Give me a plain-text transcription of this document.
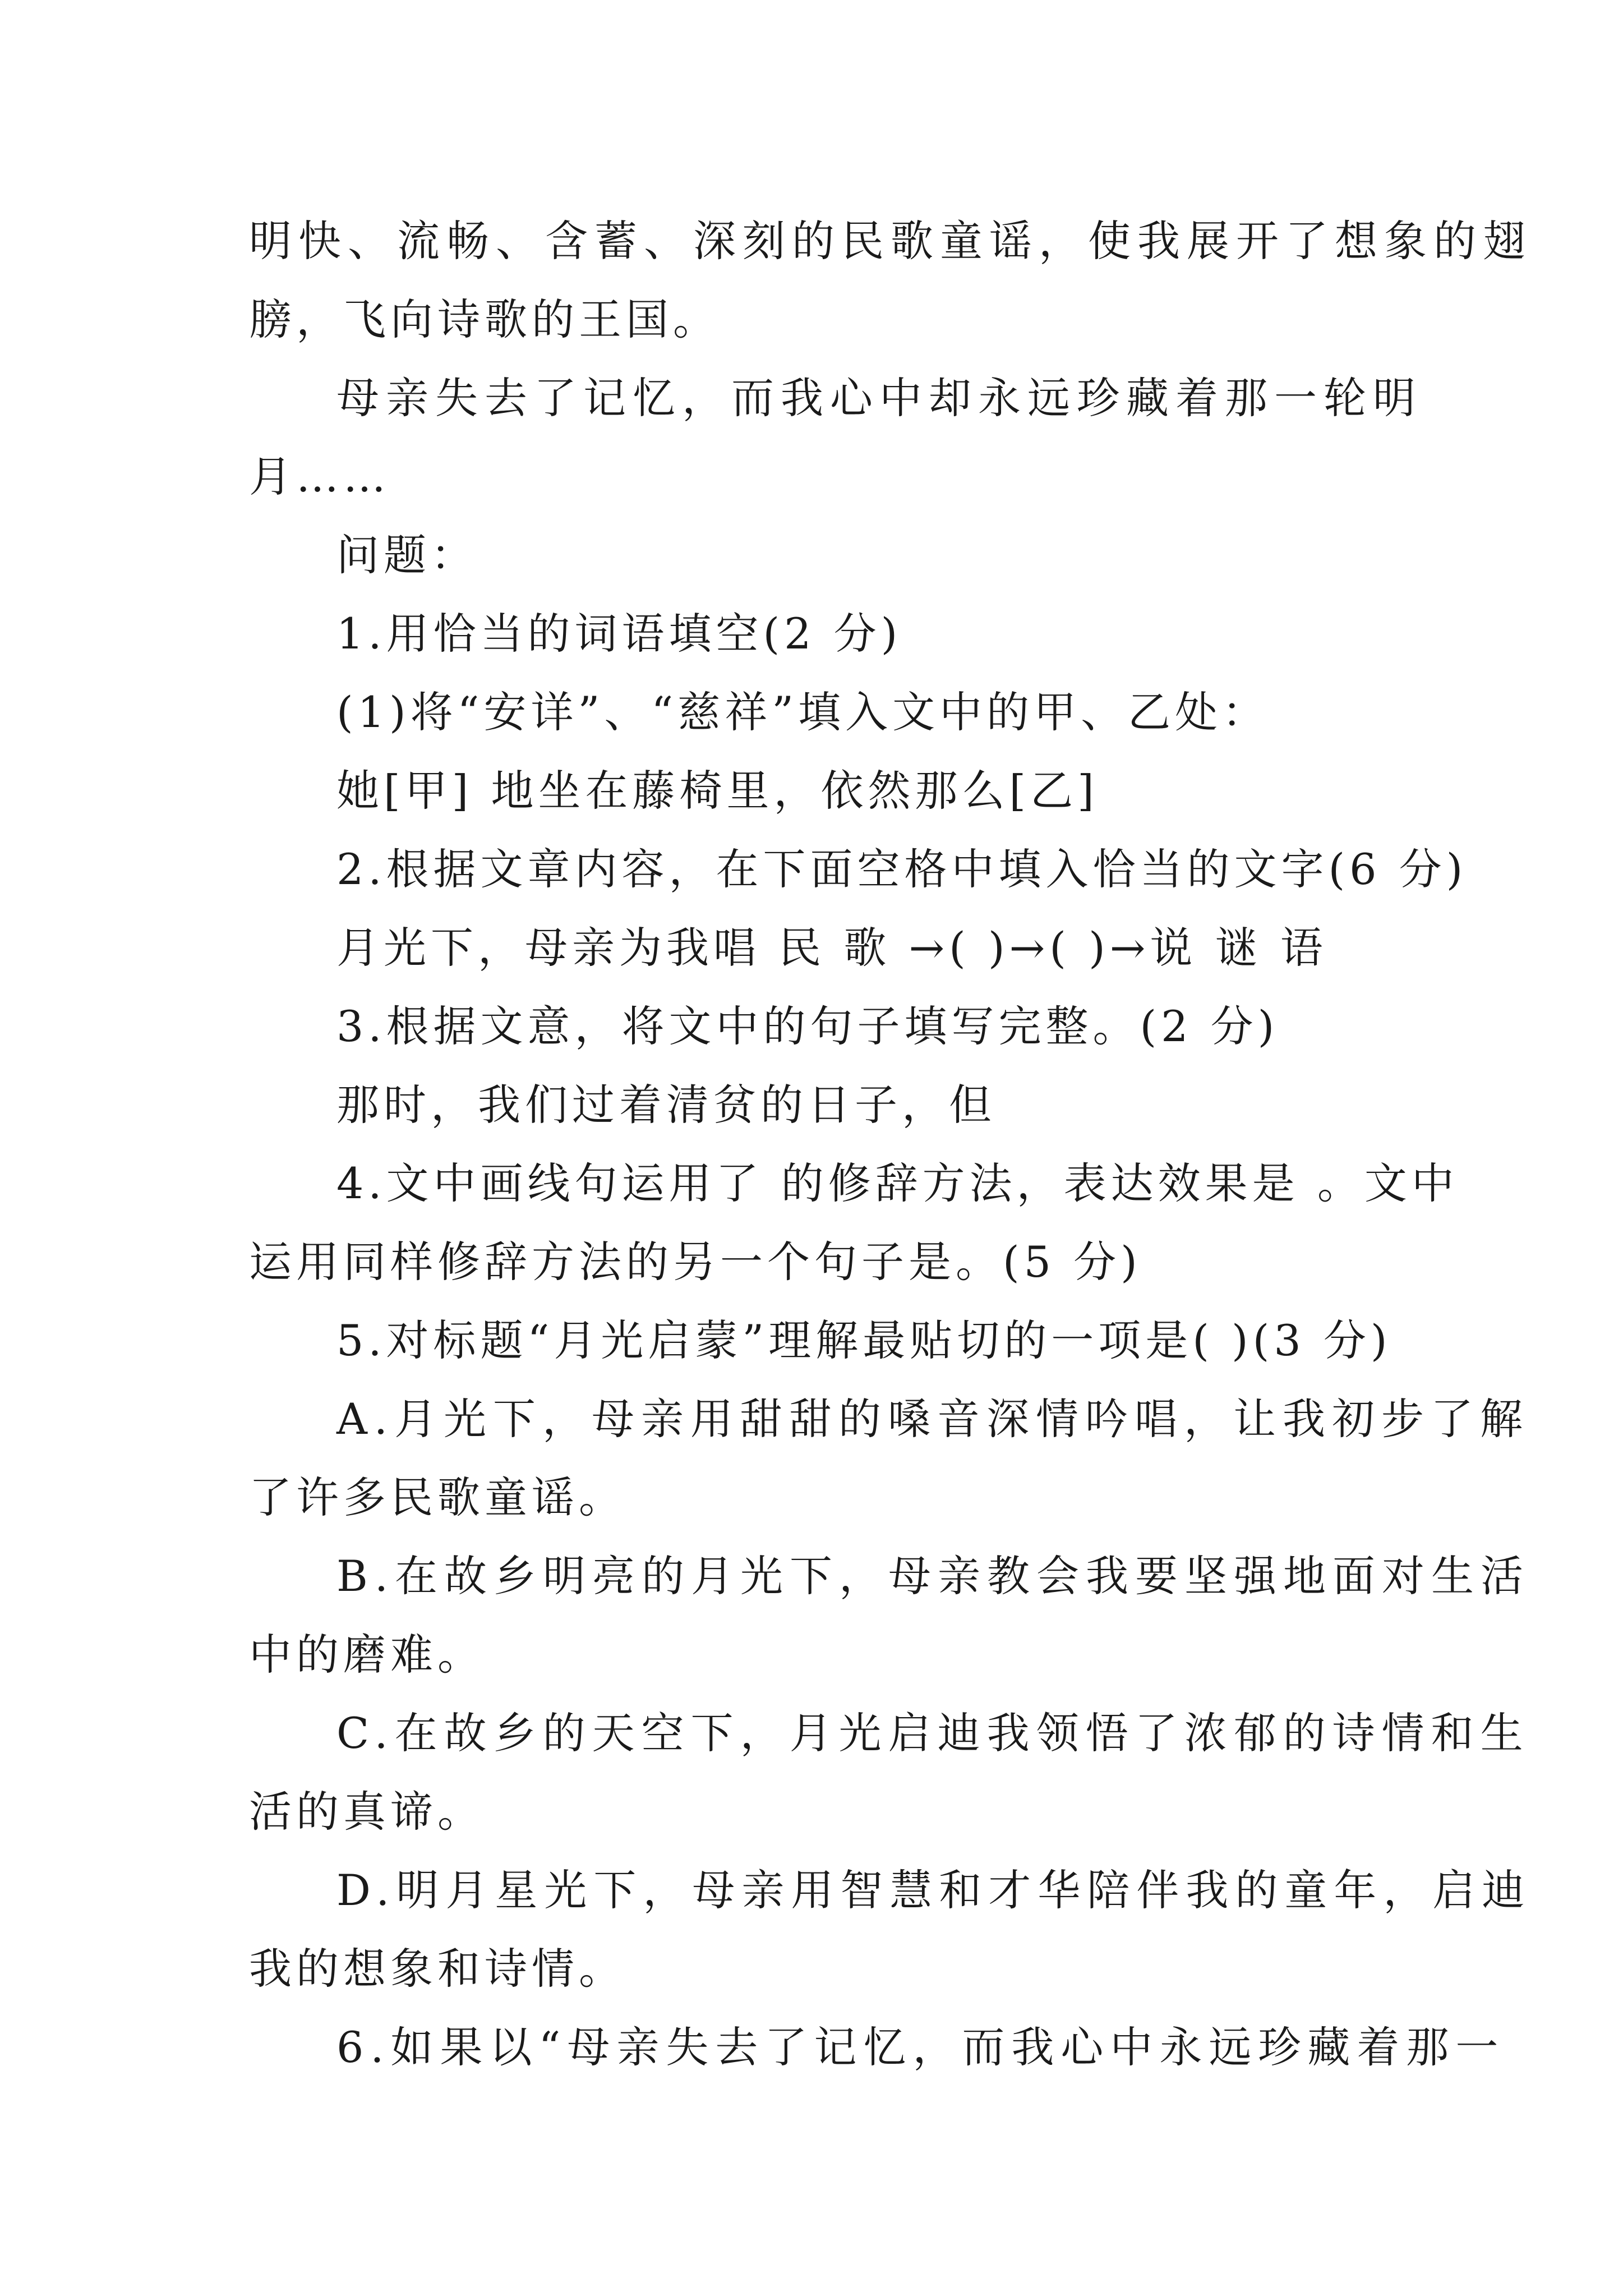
明快、流畅、含蓄、深刻的民歌童谣，使我展开了想象的翅
膀，飞向诗歌的王国。
母亲失去了记忆，而我心中却永远珍藏着那一轮明
月……
问题：
1.用恰当的词语填空(2 分)
(1)将“安详”、“慈祥”填入文中的甲、乙处：
她[甲] 地坐在藤椅里，依然那么[乙]
2.根据文章内容，在下面空格中填入恰当的文字(6 分)
月光下，母亲为我唱 民 歌 →( )→( )→说 谜 语
3.根据文意，将文中的句子填写完整。(2 分)
那时，我们过着清贫的日子，但
4.文中画线句运用了 的修辞方法，表达效果是 。文中
运用同样修辞方法的另一个句子是。(5 分)
5.对标题“月光启蒙”理解最贴切的一项是( )(3 分)
A.月光下，母亲用甜甜的嗓音深情吟唱，让我初步了解
了许多民歌童谣。
B.在故乡明亮的月光下，母亲教会我要坚强地面对生活
中的磨难。
C.在故乡的天空下，月光启迪我领悟了浓郁的诗情和生
活的真谛。
D.明月星光下，母亲用智慧和才华陪伴我的童年，启迪
我的想象和诗情。
6.如果以“母亲失去了记忆，而我心中永远珍藏着那一
